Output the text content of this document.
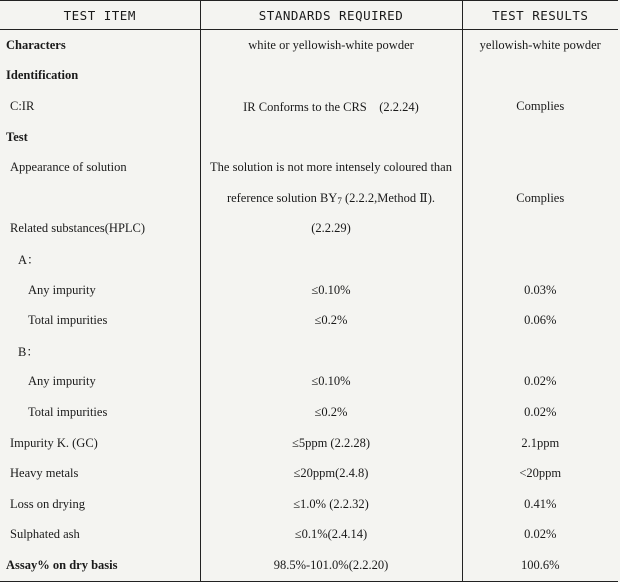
TEST ITEM	STANDARDS REQUIRED	TEST RESULTS
Characters	white or yellowish-white powder	yellowish-white powder
Identification		
C:IR	IR Conforms to the CRS　(2.2.24)	Complies
Test		
Appearance of solution	The solution is not more intensely coloured than	
	reference solution $BY_7$ (2.2.2,Method Ⅱ).	Complies
Related substances(HPLC)	(2.2.29)	
A：		
Any impurity	≤0.10%	0.03%
Total impurities	≤0.2%	0.06%
B：		
Any impurity	≤0.10%	0.02%
Total impurities	≤0.2%	0.02%
Impurity K. (GC)	≤5ppm (2.2.28)	2.1ppm
Heavy metals	≤20ppm(2.4.8)	<20ppm
Loss on drying	≤1.0% (2.2.32)	0.41%
Sulphated ash	≤0.1%(2.4.14)	0.02%
Assay% on dry basis	98.5%-101.0%(2.2.20)	100.6%
